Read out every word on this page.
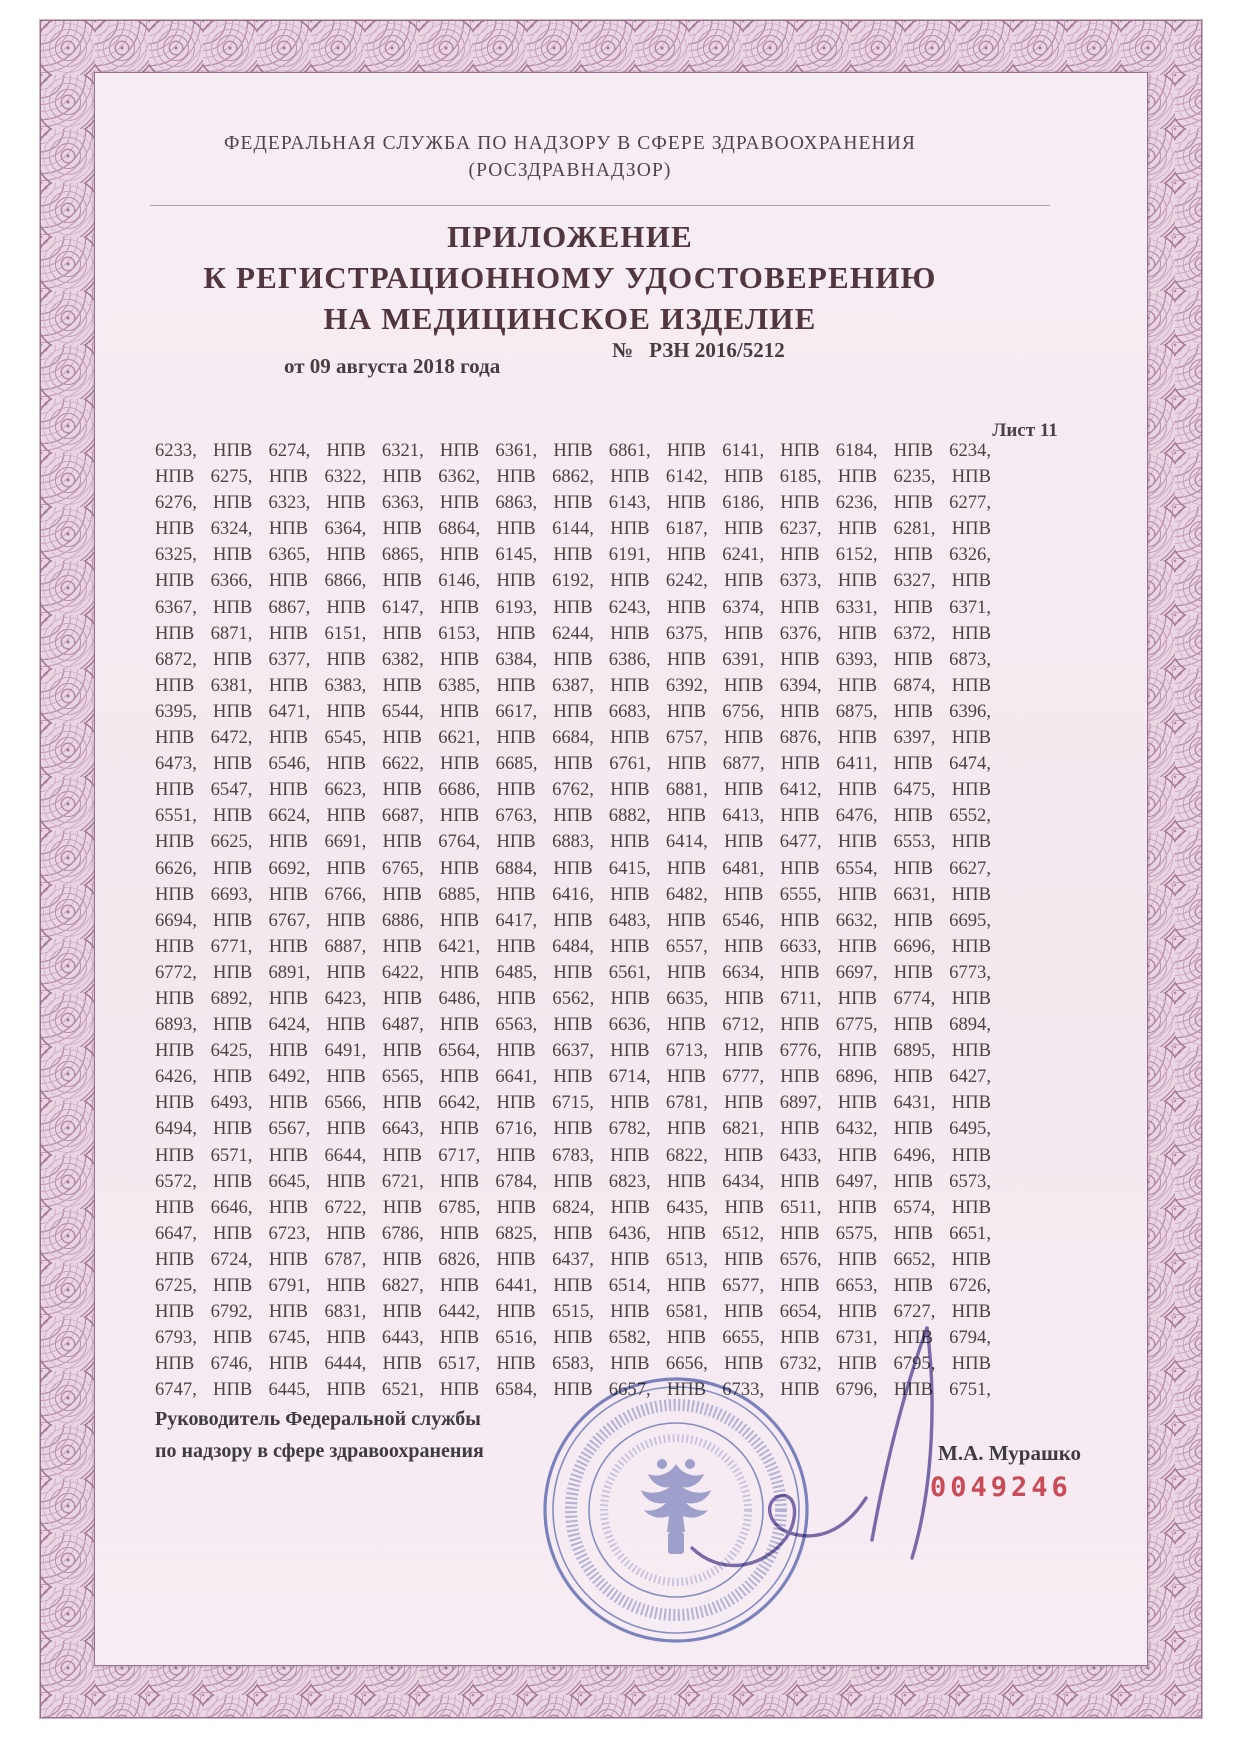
ФЕДЕРАЛЬНАЯ СЛУЖБА ПО НАДЗОРУ В СФЕРЕ ЗДРАВООХРАНЕНИЯ
(РОСЗДРАВНАДЗОР)
ПРИЛОЖЕНИЕ
К РЕГИСТРАЦИОННОМУ УДОСТОВЕРЕНИЮ
НА МЕДИЦИНСКОЕ ИЗДЕЛИЕ
№ РЗН 2016/5212
от 09 августа 2018 года
Лист 11
6233, НПВ 6274, НПВ 6321, НПВ 6361, НПВ 6861, НПВ 6141, НПВ 6184, НПВ 6234,
НПВ 6275, НПВ 6322, НПВ 6362, НПВ 6862, НПВ 6142, НПВ 6185, НПВ 6235, НПВ
6276, НПВ 6323, НПВ 6363, НПВ 6863, НПВ 6143, НПВ 6186, НПВ 6236, НПВ 6277,
НПВ 6324, НПВ 6364, НПВ 6864, НПВ 6144, НПВ 6187, НПВ 6237, НПВ 6281, НПВ
6325, НПВ 6365, НПВ 6865, НПВ 6145, НПВ 6191, НПВ 6241, НПВ 6152, НПВ 6326,
НПВ 6366, НПВ 6866, НПВ 6146, НПВ 6192, НПВ 6242, НПВ 6373, НПВ 6327, НПВ
6367, НПВ 6867, НПВ 6147, НПВ 6193, НПВ 6243, НПВ 6374, НПВ 6331, НПВ 6371,
НПВ 6871, НПВ 6151, НПВ 6153, НПВ 6244, НПВ 6375, НПВ 6376, НПВ 6372, НПВ
6872, НПВ 6377, НПВ 6382, НПВ 6384, НПВ 6386, НПВ 6391, НПВ 6393, НПВ 6873,
НПВ 6381, НПВ 6383, НПВ 6385, НПВ 6387, НПВ 6392, НПВ 6394, НПВ 6874, НПВ
6395, НПВ 6471, НПВ 6544, НПВ 6617, НПВ 6683, НПВ 6756, НПВ 6875, НПВ 6396,
НПВ 6472, НПВ 6545, НПВ 6621, НПВ 6684, НПВ 6757, НПВ 6876, НПВ 6397, НПВ
6473, НПВ 6546, НПВ 6622, НПВ 6685, НПВ 6761, НПВ 6877, НПВ 6411, НПВ 6474,
НПВ 6547, НПВ 6623, НПВ 6686, НПВ 6762, НПВ 6881, НПВ 6412, НПВ 6475, НПВ
6551, НПВ 6624, НПВ 6687, НПВ 6763, НПВ 6882, НПВ 6413, НПВ 6476, НПВ 6552,
НПВ 6625, НПВ 6691, НПВ 6764, НПВ 6883, НПВ 6414, НПВ 6477, НПВ 6553, НПВ
6626, НПВ 6692, НПВ 6765, НПВ 6884, НПВ 6415, НПВ 6481, НПВ 6554, НПВ 6627,
НПВ 6693, НПВ 6766, НПВ 6885, НПВ 6416, НПВ 6482, НПВ 6555, НПВ 6631, НПВ
6694, НПВ 6767, НПВ 6886, НПВ 6417, НПВ 6483, НПВ 6546, НПВ 6632, НПВ 6695,
НПВ 6771, НПВ 6887, НПВ 6421, НПВ 6484, НПВ 6557, НПВ 6633, НПВ 6696, НПВ
6772, НПВ 6891, НПВ 6422, НПВ 6485, НПВ 6561, НПВ 6634, НПВ 6697, НПВ 6773,
НПВ 6892, НПВ 6423, НПВ 6486, НПВ 6562, НПВ 6635, НПВ 6711, НПВ 6774, НПВ
6893, НПВ 6424, НПВ 6487, НПВ 6563, НПВ 6636, НПВ 6712, НПВ 6775, НПВ 6894,
НПВ 6425, НПВ 6491, НПВ 6564, НПВ 6637, НПВ 6713, НПВ 6776, НПВ 6895, НПВ
6426, НПВ 6492, НПВ 6565, НПВ 6641, НПВ 6714, НПВ 6777, НПВ 6896, НПВ 6427,
НПВ 6493, НПВ 6566, НПВ 6642, НПВ 6715, НПВ 6781, НПВ 6897, НПВ 6431, НПВ
6494, НПВ 6567, НПВ 6643, НПВ 6716, НПВ 6782, НПВ 6821, НПВ 6432, НПВ 6495,
НПВ 6571, НПВ 6644, НПВ 6717, НПВ 6783, НПВ 6822, НПВ 6433, НПВ 6496, НПВ
6572, НПВ 6645, НПВ 6721, НПВ 6784, НПВ 6823, НПВ 6434, НПВ 6497, НПВ 6573,
НПВ 6646, НПВ 6722, НПВ 6785, НПВ 6824, НПВ 6435, НПВ 6511, НПВ 6574, НПВ
6647, НПВ 6723, НПВ 6786, НПВ 6825, НПВ 6436, НПВ 6512, НПВ 6575, НПВ 6651,
НПВ 6724, НПВ 6787, НПВ 6826, НПВ 6437, НПВ 6513, НПВ 6576, НПВ 6652, НПВ
6725, НПВ 6791, НПВ 6827, НПВ 6441, НПВ 6514, НПВ 6577, НПВ 6653, НПВ 6726,
НПВ 6792, НПВ 6831, НПВ 6442, НПВ 6515, НПВ 6581, НПВ 6654, НПВ 6727, НПВ
6793, НПВ 6745, НПВ 6443, НПВ 6516, НПВ 6582, НПВ 6655, НПВ 6731, НПВ 6794,
НПВ 6746, НПВ 6444, НПВ 6517, НПВ 6583, НПВ 6656, НПВ 6732, НПВ 6795, НПВ
6747, НПВ 6445, НПВ 6521, НПВ 6584, НПВ 6657, НПВ 6733, НПВ 6796, НПВ 6751,
Руководитель Федеральной службы
по надзору в сфере здравоохранения	М.А. Мурашко
0049246
